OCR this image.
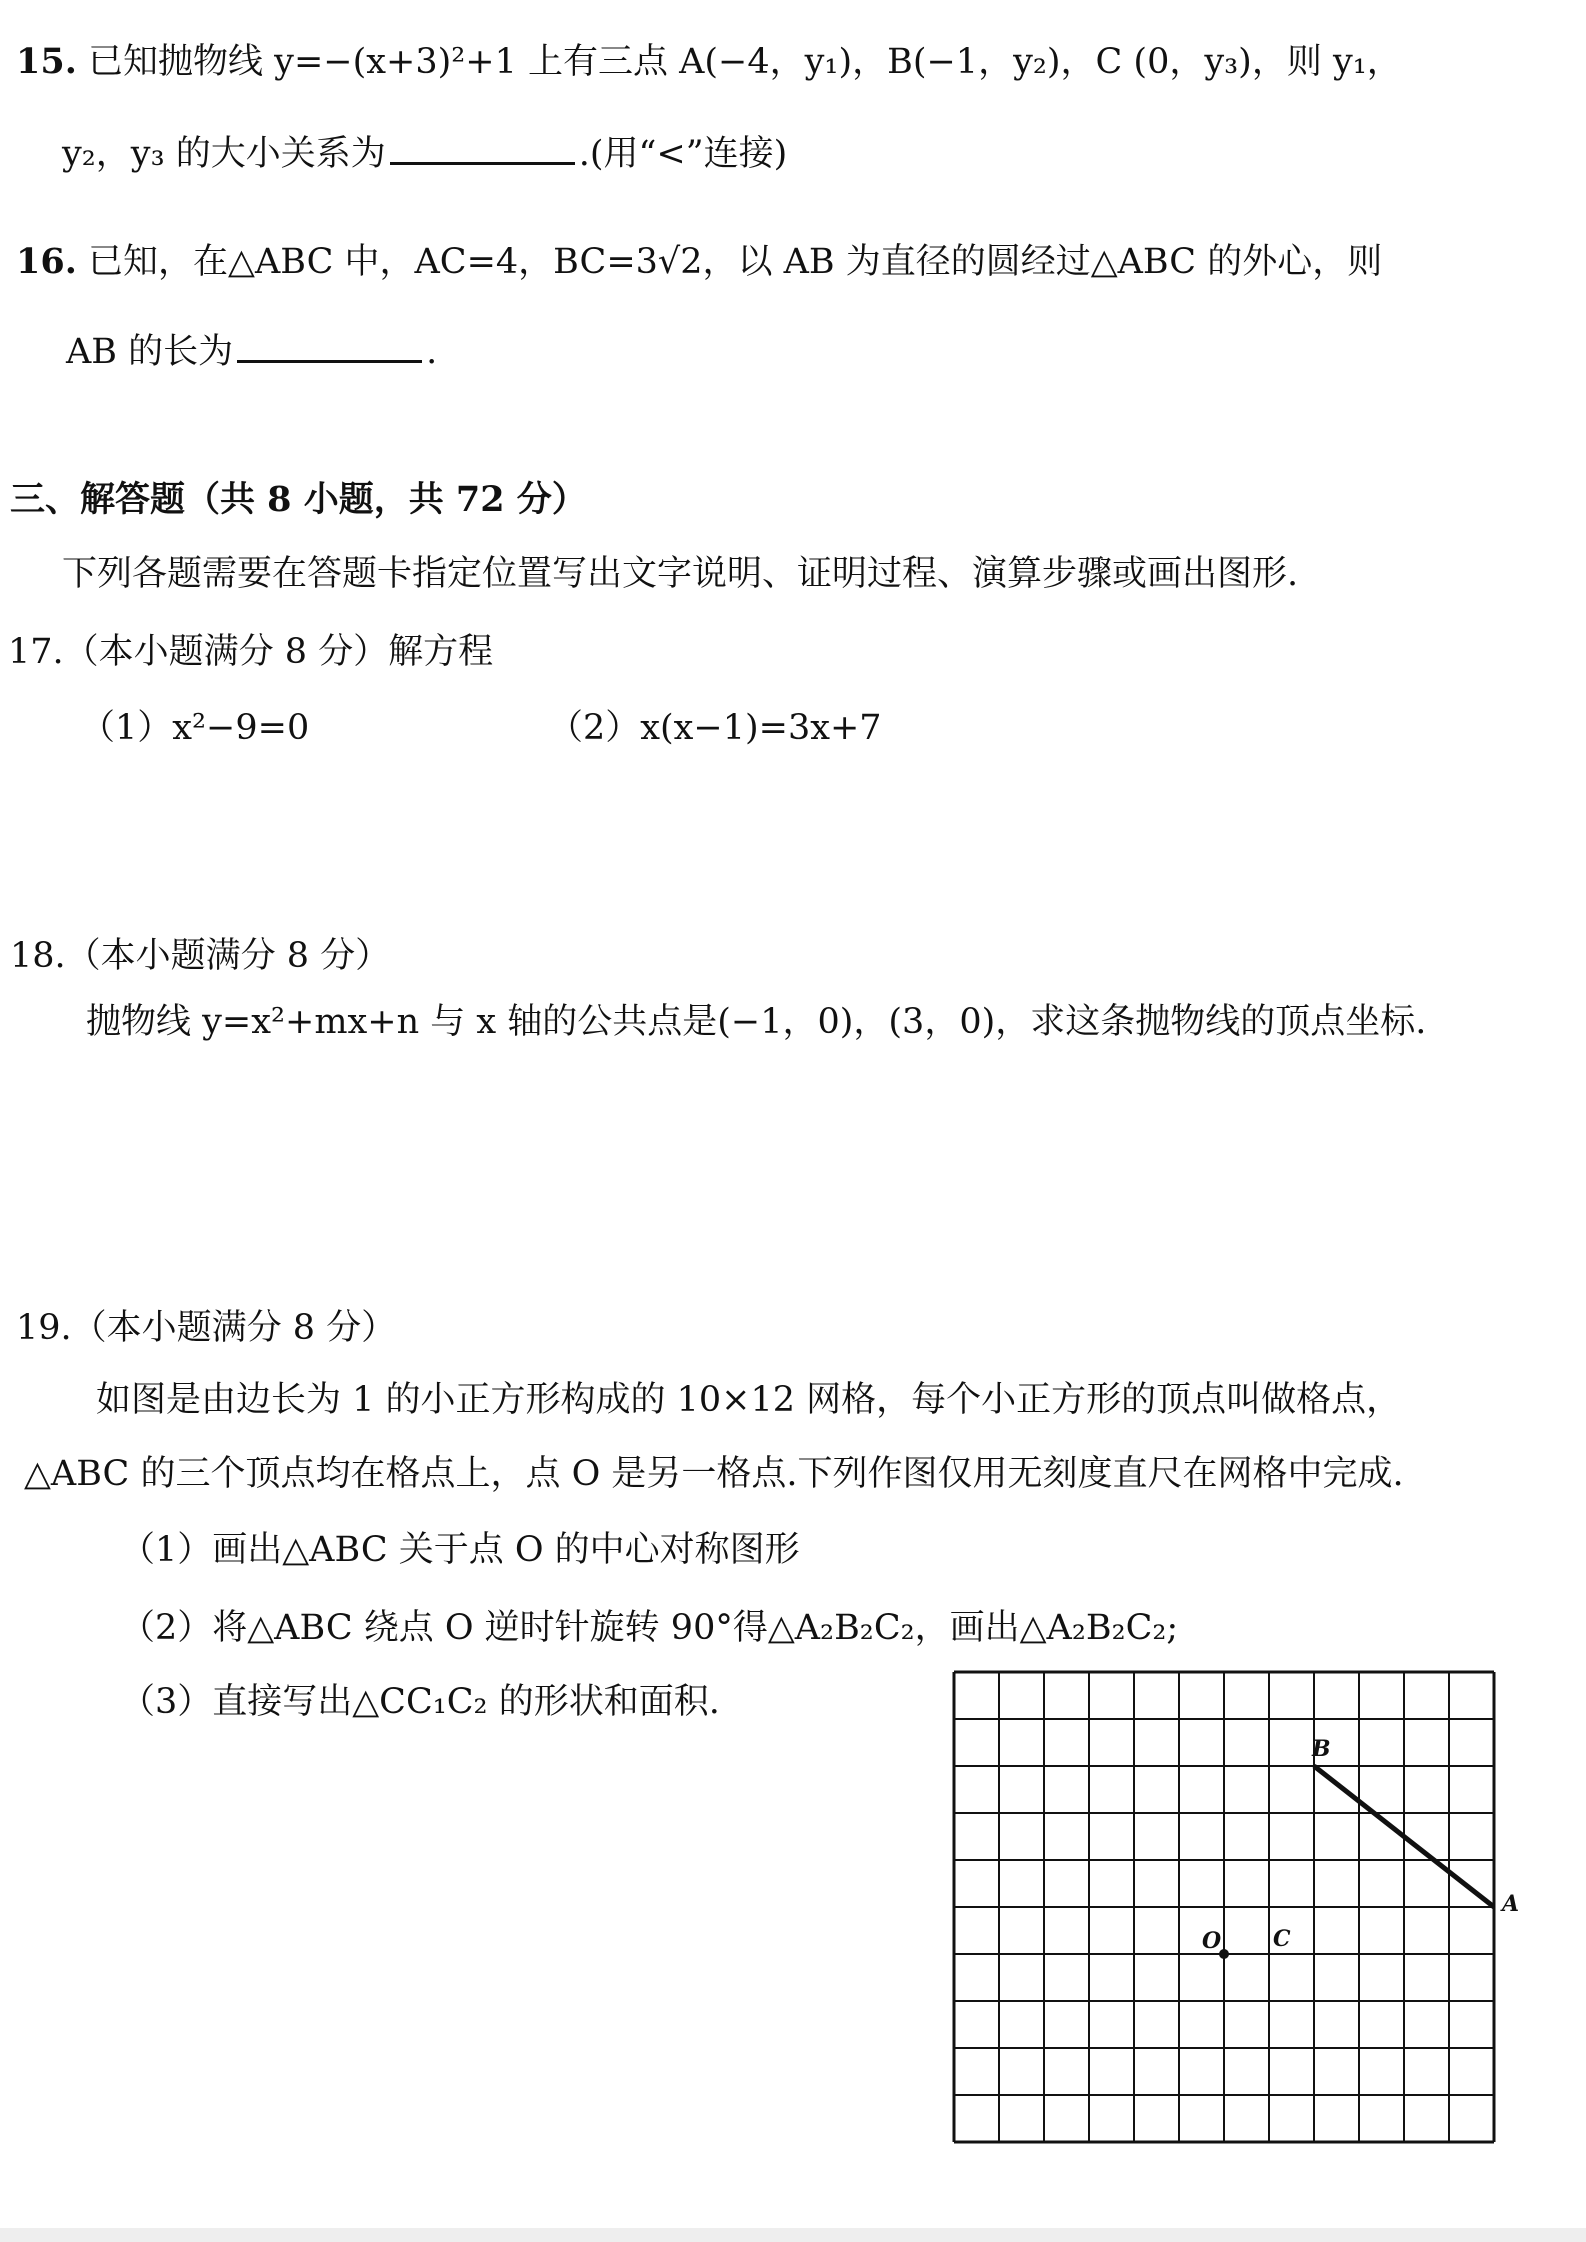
15. 已知抛物线 y=−(x+3)²+1 上有三点 A(−4，y₁)，B(−1，y₂)，C (0，y₃)，则 y₁，
y₂，y₃ 的大小关系为	.(用“<”连接)
16. 已知，在△ABC 中，AC=4，BC=3√2，以 AB 为直径的圆经过△ABC 的外心，则
AB 的长为	.
三、解答题（共 8 小题，共 72 分）
下列各题需要在答题卡指定位置写出文字说明、证明过程、演算步骤或画出图形.
17.（本小题满分 8 分）解方程
（1）x²−9=0	（2）x(x−1)=3x+7
18.（本小题满分 8 分）
抛物线 y=x²+mx+n 与 x 轴的公共点是(−1，0)，(3，0)，求这条抛物线的顶点坐标.
19.（本小题满分 8 分）
如图是由边长为 1 的小正方形构成的 10×12 网格，每个小正方形的顶点叫做格点，
△ABC 的三个顶点均在格点上，点 O 是另一格点.下列作图仅用无刻度直尺在网格中完成.
（1）画出△ABC 关于点 O 的中心对称图形
（2）将△ABC 绕点 O 逆时针旋转 90°得△A₂B₂C₂，画出△A₂B₂C₂;
（3）直接写出△CC₁C₂ 的形状和面积.
A
B
C
O
